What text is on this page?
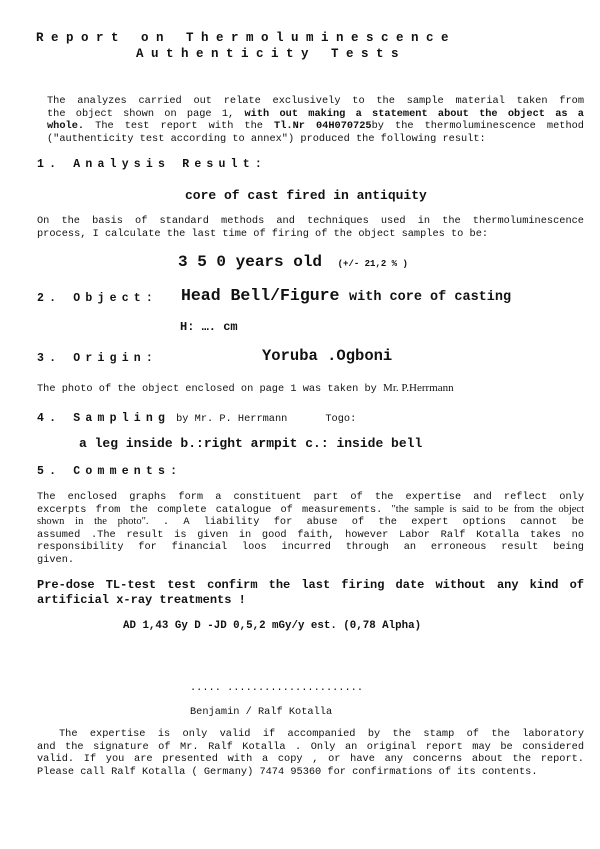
Report on Thermoluminescence
Authenticity Tests
The analyzes carried out relate exclusively to the sample material taken from
the object shown on page 1, with out making a statement about the object as a
whole. The test report with the Tl.Nr 04H070725by the thermoluminescence method
("authenticity test according to annex") produced the following result:
1. Analysis Result:
core of cast fired in antiquity
On the basis of standard methods and techniques used in the thermoluminescence
process, I calculate the last time of firing of the object samples to be:
3 5 0 years old (+/- 21,2 % )
2. Object: Head Bell/Figure with core of casting
H: …. cm
3. Origin:	Yoruba .Ogboni
The photo of the object enclosed on page 1 was taken by Mr. P.Herrmann
4. Sampling by Mr. P. Herrmann	Togo:
a leg inside b.:right armpit c.: inside bell
5. Comments:
The enclosed graphs form a constituent part of the expertise and reflect only
excerpts from the complete catalogue of measurements. "the sample is said to be from the object
shown in the photo". . A liability for abuse of the expert options cannot be
assumed .The result is given in good faith, however Labor Ralf Kotalla takes no
responsibility for financial loos incurred through an erroneous result being
given.
Pre-dose TL-test test confirm the last firing date without any kind of
artificial x-ray treatments !
AD 1,43 Gy D -JD 0,5,2 mGy/y est. (0,78 Alpha)
..... ......................
Benjamin / Ralf Kotalla
The expertise is only valid if accompanied by the stamp of the laboratory
and the signature of Mr. Ralf Kotalla . Only an original report may be considered
valid. If you are presented with a copy , or have any concerns about the report.
Please call Ralf Kotalla ( Germany) 7474 95360 for confirmations of its contents.
